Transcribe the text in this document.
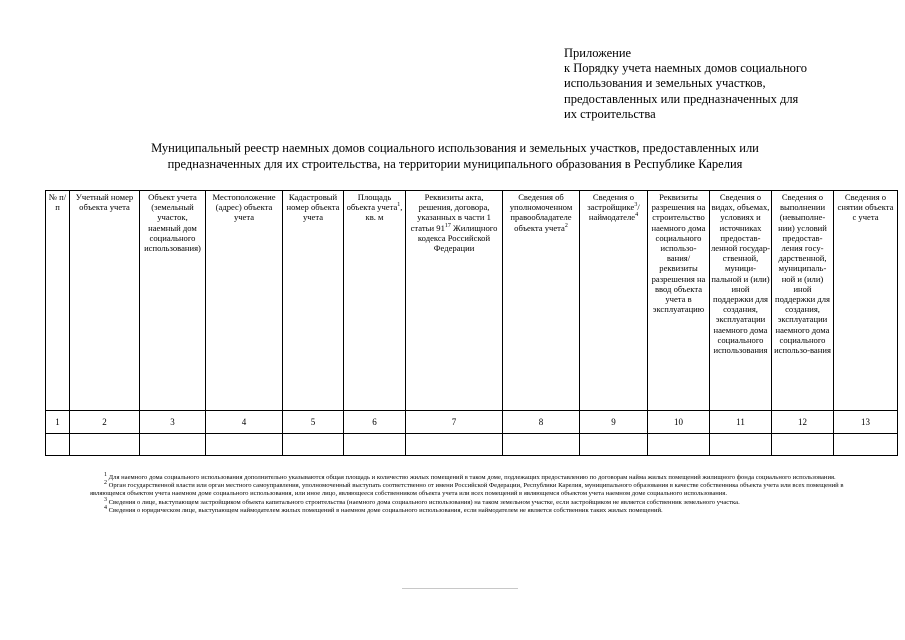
Приложение
к Порядку учета наемных домов социального
использования и земельных участков,
предоставленных или предназначенных для
их строительства
Муниципальный реестр наемных домов социального использования и земельных участков, предоставленных или
предназначенных для их строительства, на территории муниципального образования в Республике Карелия
№ п/п	Учетный номер объекта учета	Объект учета (земельный участок, наемный дом социального использования)	Местоположение (адрес) объекта учета	Кадастровый номер объекта учета	Площадь объекта учета$^1$, кв. м	Реквизиты акта, решения, договора, указанных в части 1 статьи $91^{17}$ Жилищного кодекса Российской Федерации	Сведения об уполномоченном правообладателе объекта учета$^2$	Сведения о застройщике$^3$/ наймодателе$^4$	Реквизиты разрешения на строительство наемного дома социального использо-вания/ реквизиты разрешения на ввод объекта учета в эксплуатацию	Сведения о видах, объемах, условиях и источниках предостав-ленной государ-ственной, муници-пальной и (или) иной поддержки для создания, эксплуатации наемного дома социального использования	Сведения о выполнении (невыполне-нии) условий предостав-ления госу-дарственной, муниципаль-ной и (или) иной поддержки для создания, эксплуатации наемного дома социального использо-вания	Сведения о снятии объекта с учета
1	2	3	4	5	6	7	8	9	10	11	12	13

$^1$ Для наемного дома социального использования дополнительно указываются общая площадь и количество жилых помещений в таком доме, подлежащих предоставлению по договорам найма жилых помещений жилищного фонда социального использования.

$^2$ Орган государственной власти или орган местного самоуправления, уполномоченный выступать соответственно от имени Российской Федерации, Республики Карелия, муниципального образования в качестве собственника объекта учета или всех помещений в являющемся объектом учета наемном доме социального использования, или иное лицо, являющееся собственником объекта учета или всех помещений в являющемся объектом учета наемном доме социального использования.

$^3$ Сведения о лице, выступающем застройщиком объекта капитального строительства (наемного дома социального использования) на таком земельном участке, если застройщиком не является собственник земельного участка.

$^4$ Сведения о юридическом лице, выступающем наймодателем жилых помещений в наемном доме социального использования, если наймодателем не является собственник таких жилых помещений.
